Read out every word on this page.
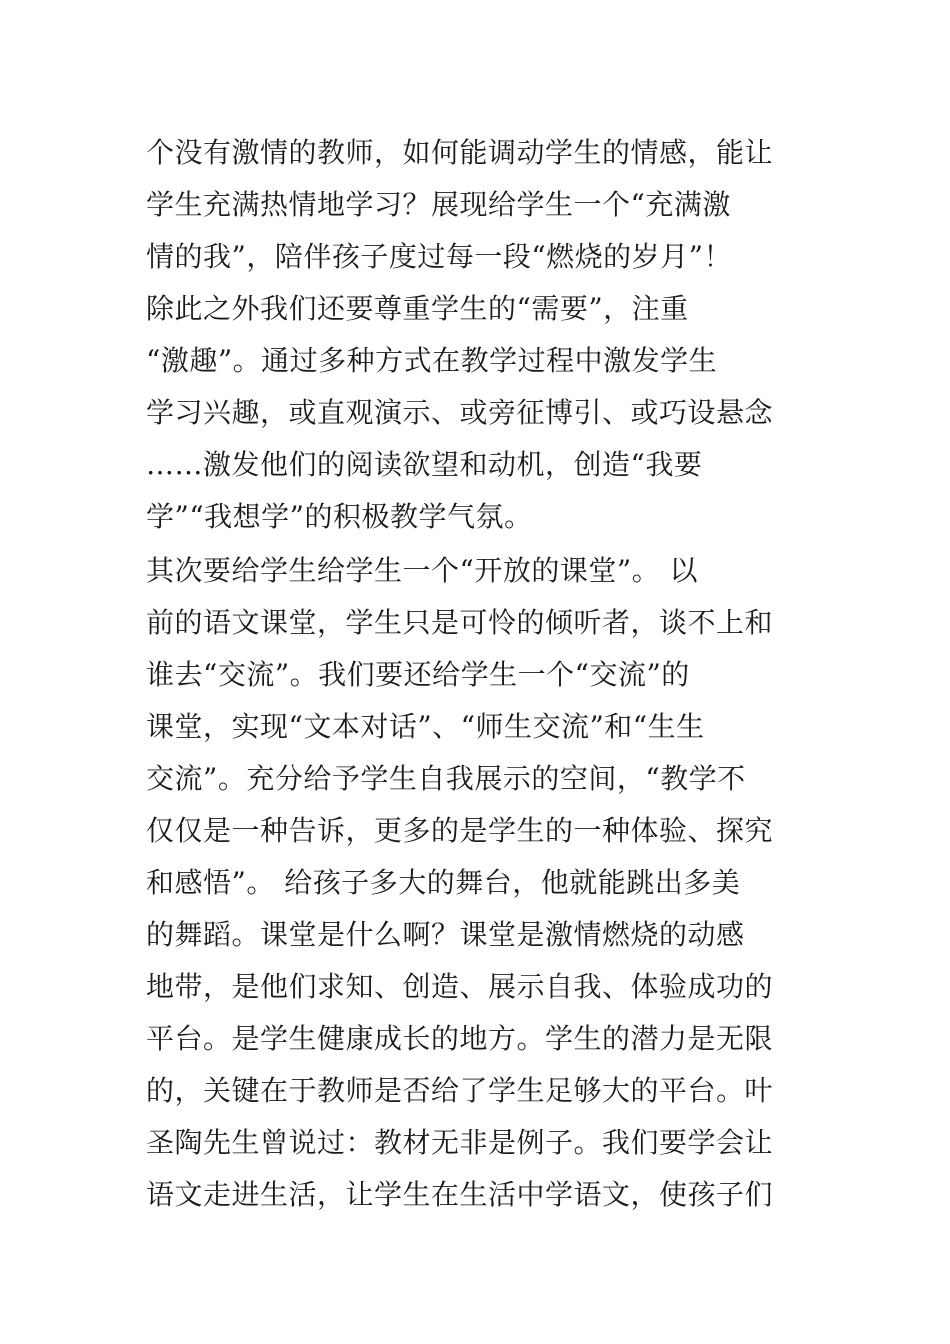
个没有激情的教师，如何能调动学生的情感，能让
学生充满热情地学习？展现给学生一个“充满激
情的我”，陪伴孩子度过每一段“燃烧的岁月”！
除此之外我们还要尊重学生的“需要”，注重
“激趣”。通过多种方式在教学过程中激发学生
学习兴趣，或直观演示、或旁征博引、或巧设悬念
……激发他们的阅读欲望和动机，创造“我要
学”“我想学”的积极教学气氛。
其次要给学生给学生一个“开放的课堂”。 以
前的语文课堂，学生只是可怜的倾听者，谈不上和
谁去“交流”。我们要还给学生一个“交流”的
课堂，实现“文本对话”、“师生交流”和“生生
交流”。充分给予学生自我展示的空间，“教学不
仅仅是一种告诉，更多的是学生的一种体验、探究
和感悟”。 给孩子多大的舞台，他就能跳出多美
的舞蹈。课堂是什么啊？课堂是激情燃烧的动感
地带，是他们求知、创造、展示自我、体验成功的
平台。是学生健康成长的地方。学生的潜力是无限
的，关键在于教师是否给了学生足够大的平台。叶
圣陶先生曾说过：教材无非是例子。我们要学会让
语文走进生活，让学生在生活中学语文，使孩子们
